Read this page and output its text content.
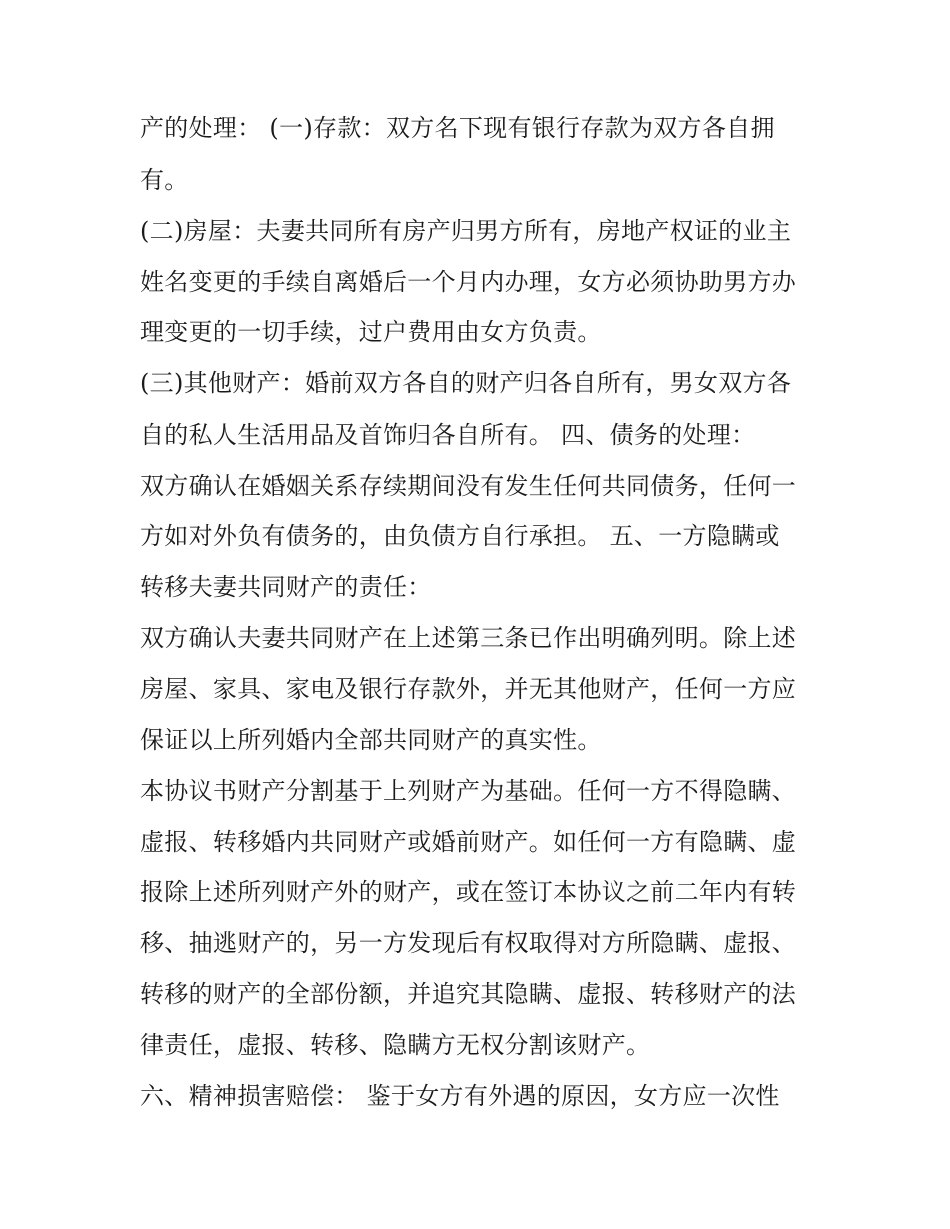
产的处理： (一)存款：双方名下现有银行存款为双方各自拥
有。
(二)房屋：夫妻共同所有房产归男方所有，房地产权证的业主
姓名变更的手续自离婚后一个月内办理，女方必须协助男方办
理变更的一切手续，过户费用由女方负责。
(三)其他财产：婚前双方各自的财产归各自所有，男女双方各
自的私人生活用品及首饰归各自所有。 四、债务的处理：
双方确认在婚姻关系存续期间没有发生任何共同债务，任何一
方如对外负有债务的，由负债方自行承担。 五、一方隐瞒或
转移夫妻共同财产的责任：
双方确认夫妻共同财产在上述第三条已作出明确列明。除上述
房屋、家具、家电及银行存款外，并无其他财产，任何一方应
保证以上所列婚内全部共同财产的真实性。
本协议书财产分割基于上列财产为基础。任何一方不得隐瞒、
虚报、转移婚内共同财产或婚前财产。如任何一方有隐瞒、虚
报除上述所列财产外的财产，或在签订本协议之前二年内有转
移、抽逃财产的，另一方发现后有权取得对方所隐瞒、虚报、
转移的财产的全部份额，并追究其隐瞒、虚报、转移财产的法
律责任，虚报、转移、隐瞒方无权分割该财产。
六、精神损害赔偿： 鉴于女方有外遇的原因，女方应一次性
